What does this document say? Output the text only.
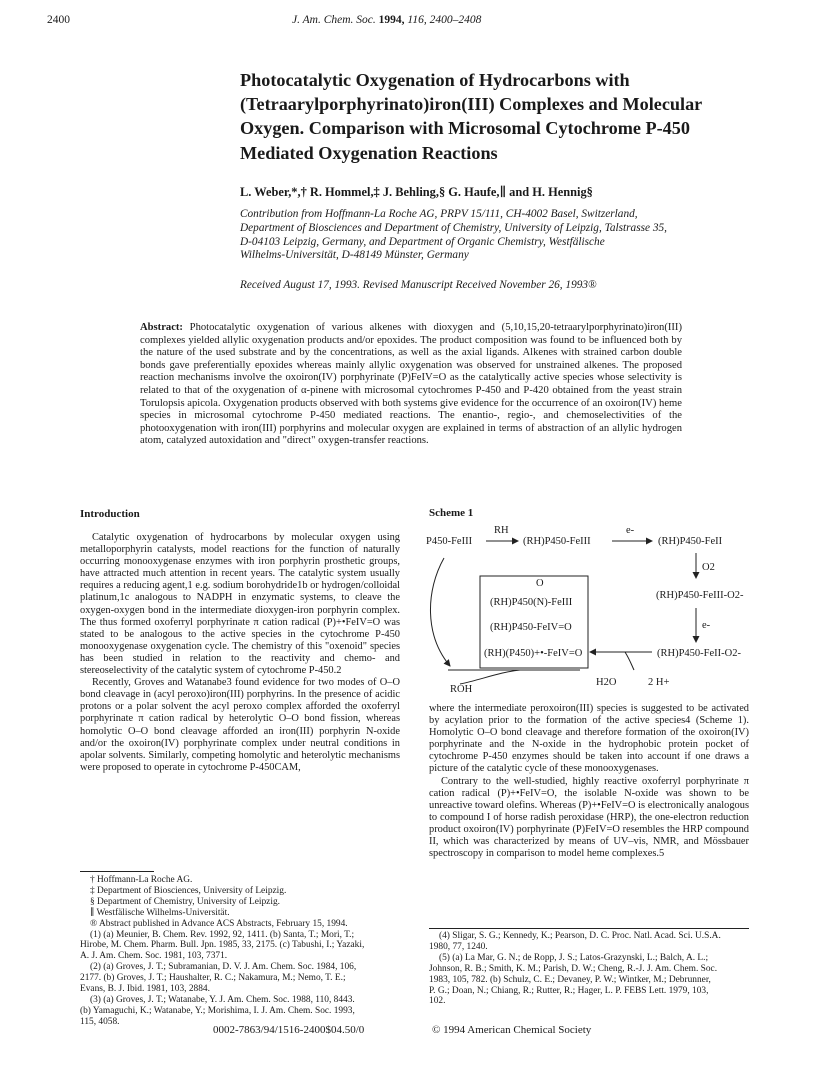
2400	J. Am. Chem. Soc. 1994, 116, 2400–2408
Photocatalytic Oxygenation of Hydrocarbons with
(Tetraarylporphyrinato)iron(III) Complexes and Molecular
Oxygen. Comparison with Microsomal Cytochrome P-450
Mediated Oxygenation Reactions
L. Weber,*,† R. Hommel,‡ J. Behling,§ G. Haufe,∥ and H. Hennig§
Contribution from Hoffmann-La Roche AG, PRPV 15/111, CH-4002 Basel, Switzerland,
Department of Biosciences and Department of Chemistry, University of Leipzig, Talstrasse 35,
D-04103 Leipzig, Germany, and Department of Organic Chemistry, Westfälische
Wilhelms-Universität, D-48149 Münster, Germany
Received August 17, 1993. Revised Manuscript Received November 26, 1993®
Abstract: Photocatalytic oxygenation of various alkenes with dioxygen and (5,10,15,20-tetraarylporphyrinato)iron(III) complexes yielded allylic oxygenation products and/or epoxides. The product composition was found to be influenced both by the nature of the used substrate and by the concentrations, as well as the axial ligands. Alkenes with strained carbon double bonds gave preferentially epoxides whereas mainly allylic oxygenation was observed for unstrained alkenes. The proposed reaction mechanisms involve the oxoiron(IV) porphyrinate (P)FeIV=O as the catalytically active species whose selectivity is related to that of the oxygenation of α-pinene with microsomal cytochromes P-450 and P-420 obtained from the yeast strain Torulopsis apicola. Oxygenation products observed with both systems give evidence for the occurrence of an oxoiron(IV) heme species in microsomal cytochrome P-450 mediated reactions. The enantio-, regio-, and chemoselectivities of the photooxygenation with iron(III) porphyrins and molecular oxygen are explained in terms of abstraction of an allylic hydrogen atom, catalyzed autoxidation and "direct" oxygen-transfer reactions.
Introduction

Catalytic oxygenation of hydrocarbons by molecular oxygen using metalloporphyrin catalysts, model reactions for the function of naturally occurring monooxygenase enzymes with iron porphyrin prosthetic groups, have attracted much attention in recent years. The catalytic system usually requires a reducing agent,1 e.g. sodium borohydride1b or hydrogen/colloidal platinum,1c analogous to NADPH in enzymatic systems, to cleave the oxygen-oxygen bond in the intermediate dioxygen-iron porphyrin complex. The thus formed oxoferryl porphyrinate π cation radical (P)+•FeIV=O was stated to be analogous to the active species in the cytochrome P-450 monooxygenase oxygenation cycle. The chemistry of this "oxenoid" species has been studied in relation to the reactivity and chemo- and stereoselectivity of the catalytic system of cytochrome P-450.2

Recently, Groves and Watanabe3 found evidence for two modes of O–O bond cleavage in (acyl peroxo)iron(III) porphyrins. In the presence of acidic protons or a polar solvent the acyl peroxo complex afforded the oxoferryl porphyrinate π cation radical by heterolytic O–O bond fission, whereas homolytic O–O bond cleavage afforded an iron(III) porphyrin N-oxide and/or the oxoiron(IV) porphyrinate complex under neutral conditions in apolar solvents. Similarly, competing homolytic and heterolytic mechanisms were proposed to operate in cytochrome P-450CAM,

† Hoffmann-La Roche AG.
‡ Department of Biosciences, University of Leipzig.
§ Department of Chemistry, University of Leipzig.
∥ Westfälische Wilhelms-Universität.
® Abstract published in Advance ACS Abstracts, February 15, 1994.
(1) (a) Meunier, B. Chem. Rev. 1992, 92, 1411. (b) Santa, T.; Mori, T.;
Hirobe, M. Chem. Pharm. Bull. Jpn. 1985, 33, 2175. (c) Tabushi, I.; Yazaki,
A. J. Am. Chem. Soc. 1981, 103, 7371.
(2) (a) Groves, J. T.; Subramanian, D. V. J. Am. Chem. Soc. 1984, 106,
2177. (b) Groves, J. T.; Haushalter, R. C.; Nakamura, M.; Nemo, T. E.;
Evans, B. J. Ibid. 1981, 103, 2884.
(3) (a) Groves, J. T.; Watanabe, Y. J. Am. Chem. Soc. 1988, 110, 8443.
(b) Yamaguchi, K.; Watanabe, Y.; Morishima, I. J. Am. Chem. Soc. 1993,
115, 4058.
Scheme 1
P450-FeIII
RH
(RH)P450-FeIII
e-
(RH)P450-FeII
O2
(RH)P450-FeIII-O2-
e-
(RH)P450-FeII-O2-
O
(RH)P450(N)-FeIII
(RH)P450-FeIV=O
(RH)(P450)+•-FeIV=O
ROH
H2O	2 H+

where the intermediate peroxoiron(III) species is suggested to be activated by acylation prior to the formation of the active species4 (Scheme 1). Homolytic O–O bond cleavage and therefore formation of the oxoiron(IV) porphyrinate and the N-oxide in the hydrophobic protein pocket of cytochrome P-450 enzymes should be taken into account if one draws a picture of the catalytic cycle of these monooxygenases.

Contrary to the well-studied, highly reactive oxoferryl porphyrinate π cation radical (P)+•FeIV=O, the isolable N-oxide was shown to be unreactive toward olefins. Whereas (P)+•FeIV=O is electronically analogous to compound I of horse radish peroxidase (HRP), the one-electron reduction product oxoiron(IV) porphyrinate (P)FeIV=O resembles the HRP compound II, which was characterized by means of UV–vis, NMR, and Mössbauer spectroscopy in comparison to model heme complexes.5

(4) Sligar, S. G.; Kennedy, K.; Pearson, D. C. Proc. Natl. Acad. Sci. U.S.A.
1980, 77, 1240.
(5) (a) La Mar, G. N.; de Ropp, J. S.; Latos-Grazynski, L.; Balch, A. L.;
Johnson, R. B.; Smith, K. M.; Parish, D. W.; Cheng, R.-J. J. Am. Chem. Soc.
1983, 105, 782. (b) Schulz, C. E.; Devaney, P. W.; Wintker, M.; Debrunner,
P. G.; Doan, N.; Chiang, R.; Rutter, R.; Hager, L. P. FEBS Lett. 1979, 103,
102.
0002-7863/94/1516-2400$04.50/0	© 1994 American Chemical Society
